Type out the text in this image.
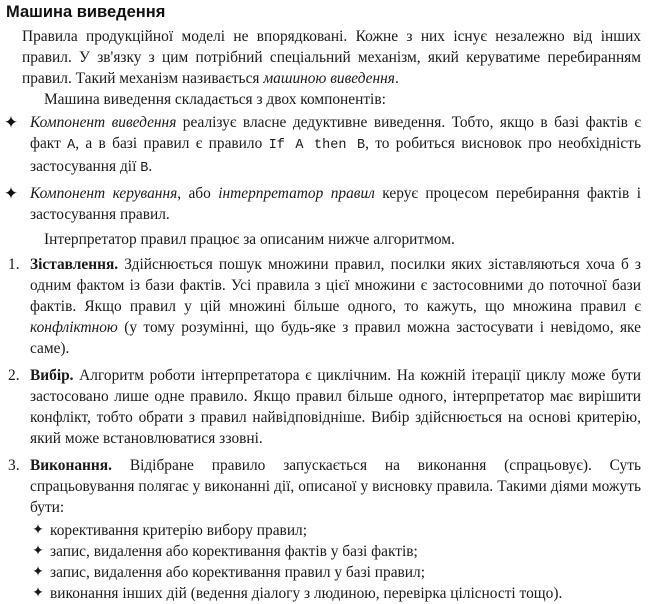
Машина виведення

Правила продукційної моделі не впорядковані. Кожне з них існує незалежно від інших правил. У зв'язку з цим потрібний спеціальний механізм, який керуватиме перебиранням правил. Такий механізм називається машиною виведення.

Машина виведення складається з двох компонентів:

✦ Компонент виведення реалізує власне дедуктивне виведення. Тобто, якщо в базі фактів є факт A, а в базі правил є правило If A then B, то робиться висновок про необхідність застосування дії B.
✦ Компонент керування, або інтерпретатор правил керує процесом перебирання фактів і застосування правил.

Інтерпретатор правил працює за описаним нижче алгоритмом.

1. Зіставлення. Здійснюється пошук множини правил, посилки яких зіставляються хоча б з одним фактом із бази фактів. Усі правила з цієї множини є застосовними до поточної бази фактів. Якщо правил у цій множині більше одного, то кажуть, що множина правил є конфліктною (у тому розумінні, що будь-яке з правил можна застосувати і невідомо, яке саме).
2. Вибір. Алгоритм роботи інтерпретатора є циклічним. На кожній ітерації циклу може бути застосовано лише одне правило. Якщо правил більше одного, інтерпретатор має вирішити конфлікт, тобто обрати з правил найвідповідніше. Вибір здійснюється на основі критерію, який може встановлюватися ззовні.
3. Виконання. Відібране правило запускається на виконання (спрацьовує). Суть спрацьовування полягає у виконанні дії, описаної у висновку правила. Такими діями можуть бути:
✦ корективання критерію вибору правил;
✦ запис, видалення або корективання фактів у базі фактів;
✦ запис, видалення або корективання правил у базі правил;
✦ виконання інших дій (ведення діалогу з людиною, перевірка цілісності тощо).
